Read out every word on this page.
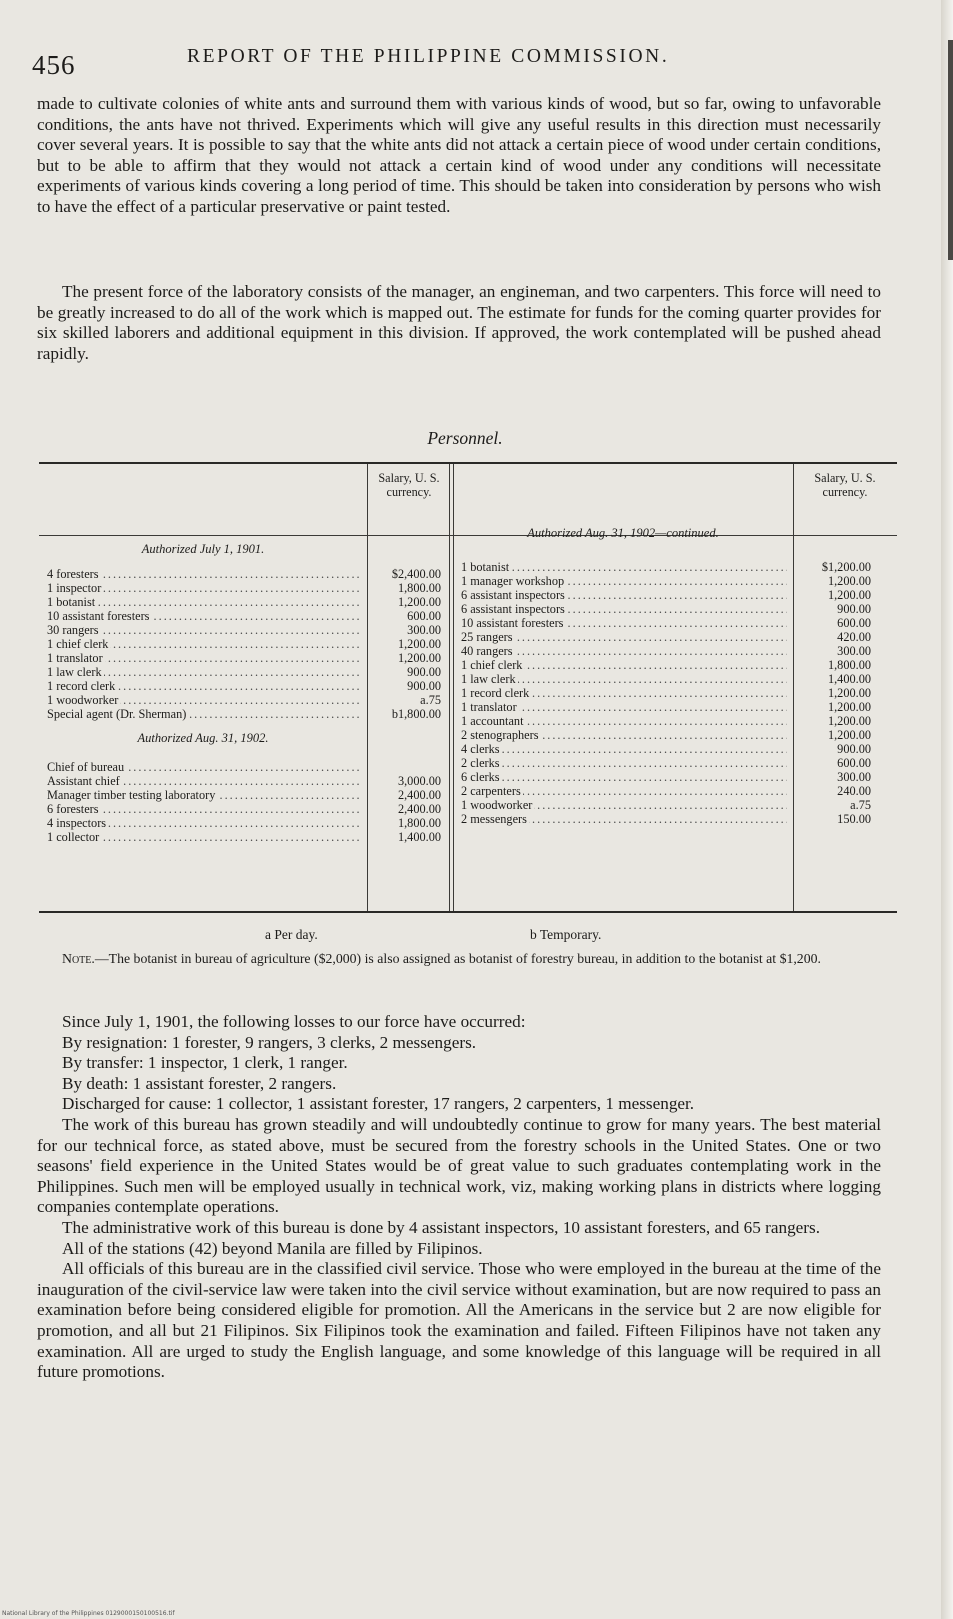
456	REPORT OF THE PHILIPPINE COMMISSION.

made to cultivate colonies of white ants and surround them with various kinds of wood, but so far, owing to unfavorable conditions, the ants have not thrived. Experiments which will give any useful results in this direction must necessarily cover several years. It is possible to say that the white ants did not attack a certain piece of wood under certain conditions, but to be able to affirm that they would not attack a certain kind of wood under any conditions will necessitate experiments of various kinds covering a long period of time. This should be taken into consideration by persons who wish to have the effect of a particular preservative or paint tested.

The present force of the laboratory consists of the manager, an engineman, and two carpenters. This force will need to be greatly increased to do all of the work which is mapped out. The estimate for funds for the coming quarter provides for six skilled laborers and additional equipment in this division. If approved, the work contemplated will be pushed ahead rapidly.

Personnel.
Salary, U. S. currency.
Salary, U. S. currency.
Authorized July 1, 1901.
.....
4 foresters
.....
1 inspector
.....
1 botanist
.....
10 assistant foresters
.....
30 rangers
.....
1 chief clerk
.....
1 translator
.....
1 law clerk
.....
1 record clerk
.....
1 woodworker
.....
Special agent (Dr. Sherman)
$2,400.00
1,800.00
1,200.00
600.00
300.00
1,200.00
1,200.00
900.00
900.00
a.75
b1,800.00
Authorized Aug. 31, 1902.
.....
Chief of bureau
.....
Assistant chief
.....
Manager timber testing laboratory
.....
6 foresters
.....
4 inspectors
.....
1 collector
3,000.00
2,400.00
2,400.00
1,800.00
1,400.00
Authorized Aug. 31, 1902—continued.
.....
1 botanist
.....
1 manager workshop
.....
6 assistant inspectors
.....
6 assistant inspectors
.....
10 assistant foresters
.....
25 rangers
.....
40 rangers
.....
1 chief clerk
.....
1 law clerk
.....
1 record clerk
.....
1 translator
.....
1 accountant
.....
2 stenographers
.....
4 clerks
.....
2 clerks
.....
6 clerks
.....
2 carpenters
.....
1 woodworker
.....
2 messengers
$1,200.00
1,200.00
1,200.00
900.00
600.00
420.00
300.00
1,800.00
1,400.00
1,200.00
1,200.00
1,200.00
1,200.00
900.00
600.00
300.00
240.00
a.75
150.00
a Per day.	b Temporary.

Note.—The botanist in bureau of agriculture ($2,000) is also assigned as botanist of forestry bureau, in addition to the botanist at $1,200.

Since July 1, 1901, the following losses to our force have occurred:

By resignation: 1 forester, 9 rangers, 3 clerks, 2 messengers.

By transfer: 1 inspector, 1 clerk, 1 ranger.

By death: 1 assistant forester, 2 rangers.

Discharged for cause: 1 collector, 1 assistant forester, 17 rangers, 2 carpenters, 1 messenger.

The work of this bureau has grown steadily and will undoubtedly continue to grow for many years. The best material for our technical force, as stated above, must be secured from the forestry schools in the United States. One or two seasons' field experience in the United States would be of great value to such graduates contemplating work in the Philippines. Such men will be employed usually in technical work, viz, making working plans in districts where logging companies contemplate operations.

The administrative work of this bureau is done by 4 assistant inspectors, 10 assistant foresters, and 65 rangers.

All of the stations (42) beyond Manila are filled by Filipinos.

All officials of this bureau are in the classified civil service. Those who were employed in the bureau at the time of the inauguration of the civil-service law were taken into the civil service without examination, but are now required to pass an examination before being considered eligible for promotion. All the Americans in the service but 2 are now eligible for promotion, and all but 21 Filipinos. Six Filipinos took the examination and failed. Fifteen Filipinos have not taken any examination. All are urged to study the English language, and some knowledge of this language will be required in all future promotions.

National Library of the Philippines 0129000150100516.tif
